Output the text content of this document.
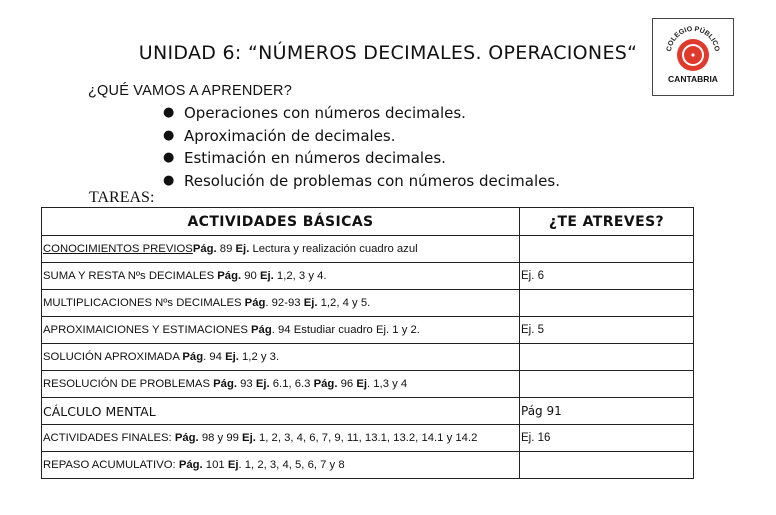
UNIDAD 6: “NÚMEROS DECIMALES. OPERACIONES“	COLEGIO PÚBLICO
CANTABRIA
¿QUÉ VAMOS A APRENDER?
● Operaciones con números decimales.
● Aproximación de decimales.
● Estimación en números decimales.
● Resolución de problemas con números decimales.
TAREAS:
ACTIVIDADES BÁSICAS	¿TE ATREVES?
CONOCIMIENTOS PREVIOSPág. 89 Ej. Lectura y realización cuadro azul	
SUMA Y RESTA Nºs DECIMALES Pág. 90 Ej. 1,2, 3 y 4.	Ej. 6
MULTIPLICACIONES Nºs DECIMALES Pág. 92-93 Ej. 1,2, 4 y 5.	
APROXIMAICIONES Y ESTIMACIONES Pág. 94 Estudiar cuadro Ej. 1 y 2.	Ej. 5
SOLUCIÓN APROXIMADA Pág. 94 Ej. 1,2 y 3.	
RESOLUCIÓN DE PROBLEMAS Pág. 93 Ej. 6.1, 6.3 Pág. 96 Ej. 1,3 y 4	
CÁLCULO MENTAL	Pág 91
ACTIVIDADES FINALES: Pág. 98 y 99 Ej. 1, 2, 3, 4, 6, 7, 9, 11, 13.1, 13.2, 14.1 y 14.2	Ej. 16
REPASO ACUMULATIVO: Pág. 101 Ej. 1, 2, 3, 4, 5, 6, 7 y 8	
